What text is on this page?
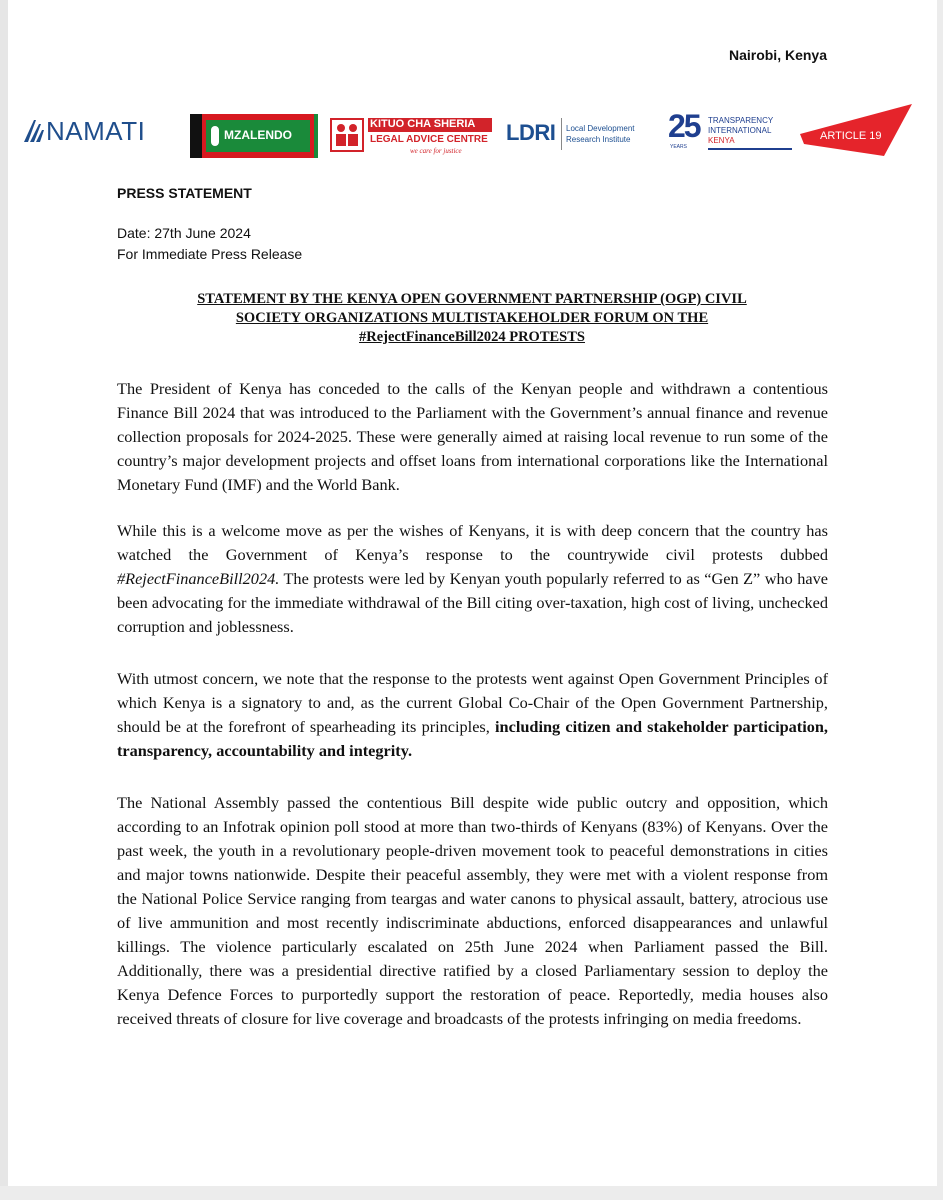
Nairobi, Kenya
NAMATI	MZALENDO
KITUO CHA SHERIA
LEGAL ADVICE CENTRE
we care for justice
LDRI Local Development
Research Institute 25
YEARS
TRANSPARENCY
INTERNATIONAL
KENYA	ARTICLE 19
PRESS STATEMENT
Date: 27th June 2024
For Immediate Press Release
STATEMENT BY THE KENYA OPEN GOVERNMENT PARTNERSHIP (OGP) CIVIL
SOCIETY ORGANIZATIONS MULTISTAKEHOLDER FORUM ON THE
#RejectFinanceBill2024 PROTESTS

The President of Kenya has conceded to the calls of the Kenyan people and withdrawn a contentious Finance Bill 2024 that was introduced to the Parliament with the Government’s annual finance and revenue collection proposals for 2024-2025. These were generally aimed at raising local revenue to run some of the country’s major development projects and offset loans from international corporations like the International Monetary Fund (IMF) and the World Bank.

While this is a welcome move as per the wishes of Kenyans, it is with deep concern that the country has watched the Government of Kenya’s response to the countrywide civil protests dubbed #RejectFinanceBill2024. The protests were led by Kenyan youth popularly referred to as “Gen Z” who have been advocating for the immediate withdrawal of the Bill citing over-taxation, high cost of living, unchecked corruption and joblessness.

With utmost concern, we note that the response to the protests went against Open Government Principles of which Kenya is a signatory to and, as the current Global Co-Chair of the Open Government Partnership, should be at the forefront of spearheading its principles, including citizen and stakeholder participation, transparency, accountability and integrity.

The National Assembly passed the contentious Bill despite wide public outcry and opposition, which according to an Infotrak opinion poll stood at more than two-thirds of Kenyans (83%) of Kenyans. Over the past week, the youth in a revolutionary people-driven movement took to peaceful demonstrations in cities and major towns nationwide. Despite their peaceful assembly, they were met with a violent response from the National Police Service ranging from teargas and water canons to physical assault, battery, atrocious use of live ammunition and most recently indiscriminate abductions, enforced disappearances and unlawful killings. The violence particularly escalated on 25th June 2024 when Parliament passed the Bill. Additionally, there was a presidential directive ratified by a closed Parliamentary session to deploy the Kenya Defence Forces to purportedly support the restoration of peace. Reportedly, media houses also received threats of closure for live coverage and broadcasts of the protests infringing on media freedoms.
